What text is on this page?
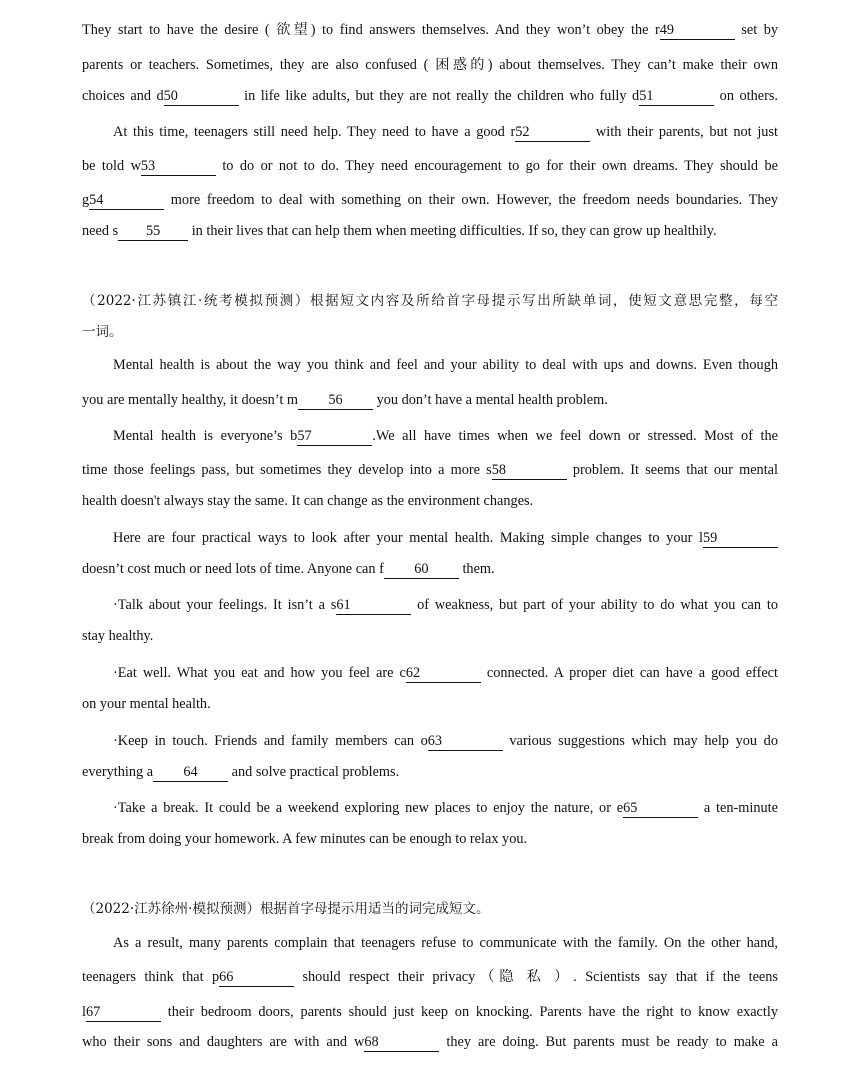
They start to have the desire ( 欲望) to find answers themselves. And they won’t obey the r49	set by
parents or teachers. Sometimes, they are also confused ( 困惑的) about themselves. They can’t make their own
choices and d50	in life like adults, but they are not really the children who fully d51	on others.
At this time, teenagers still need help. They need to have a good r52	with their parents, but not just
be told w53	to do or not to do. They need encouragement to go for their own dreams. They should be
g54	more freedom to deal with something on their own. However, the freedom needs boundaries. They
need s 55 in their lives that can help them when meeting difficulties. If so, they can grow up healthily.
（2022·江苏镇江·统考模拟预测）根据短文内容及所给首字母提示写出所缺单词，使短文意思完整，每空
一词。
Mental health is about the way you think and feel and your ability to deal with ups and downs. Even though
you are mentally healthy, it doesn’t m 56 you don’t have a mental health problem.
Mental health is everyone’s b57	.We all have times when we feel down or stressed. Most of the
time those feelings pass, but sometimes they develop into a more s58	problem. It seems that our mental
health doesn't always stay the same. It can change as the environment changes.
Here are four practical ways to look after your mental health. Making simple changes to your l59
doesn’t cost much or need lots of time. Anyone can f 60 them.
·Talk about your feelings. It isn’t a s61	of weakness, but part of your ability to do what you can to
stay healthy.
·Eat well. What you eat and how you feel are c62	connected. A proper diet can have a good effect
on your mental health.
·Keep in touch. Friends and family members can o63	various suggestions which may help you do
everything a 64 and solve practical problems.
·Take a break. It could be a weekend exploring new places to enjoy the nature, or e65	a ten-minute
break from doing your homework. A few minutes can be enough to relax you.
（2022·江苏徐州·模拟预测）根据首字母提示用适当的词完成短文。
As a result, many parents complain that teenagers refuse to communicate with the family. On the other hand,
teenagers think that p66	should respect their privacy（隐 私 ）. Scientists say that if the teens
l67	their bedroom doors, parents should just keep on knocking. Parents have the right to know exactly
who their sons and daughters are with and w68	they are doing. But parents must be ready to make a
